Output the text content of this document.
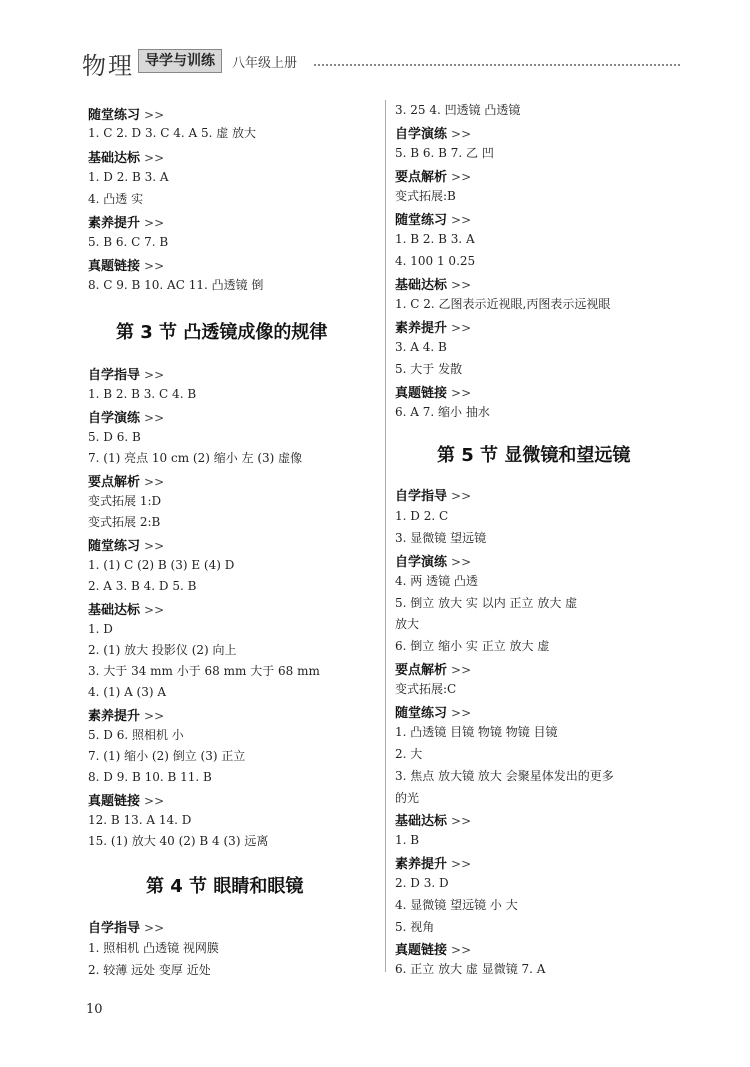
物理 导学与训练	八年级上册
随堂练习 >>
1. C 2. D 3. C 4. A 5. 虚 放大
基础达标 >>
1. D 2. B 3. A
4. 凸透 实
素养提升 >>
5. B 6. C 7. B
真题链接 >>
8. C 9. B 10. AC 11. 凸透镜 倒
第 3 节 凸透镜成像的规律
自学指导 >>
1. B 2. B 3. C 4. B
自学演练 >>
5. D 6. B
7. (1) 亮点 10 cm (2) 缩小 左 (3) 虚像
要点解析 >>
变式拓展 1:D
变式拓展 2:B
随堂练习 >>
1. (1) C (2) B (3) E (4) D
2. A 3. B 4. D 5. B
基础达标 >>
1. D
2. (1) 放大 投影仪 (2) 向上
3. 大于 34 mm 小于 68 mm 大于 68 mm
4. (1) A (3) A
素养提升 >>
5. D 6. 照相机 小
7. (1) 缩小 (2) 倒立 (3) 正立
8. D 9. B 10. B 11. B
真题链接 >>
12. B 13. A 14. D
15. (1) 放大 40 (2) B 4 (3) 远离
第 4 节 眼睛和眼镜
自学指导 >>
1. 照相机 凸透镜 视网膜
2. 较薄 远处 变厚 近处
3. 25 4. 凹透镜 凸透镜
自学演练 >>
5. B 6. B 7. 乙 凹
要点解析 >>
变式拓展:B
随堂练习 >>
1. B 2. B 3. A
4. 100 1 0.25
基础达标 >>
1. C 2. 乙图表示近视眼,丙图表示远视眼
素养提升 >>
3. A 4. B
5. 大于 发散
真题链接 >>
6. A 7. 缩小 抽水
第 5 节 显微镜和望远镜
自学指导 >>
1. D 2. C
3. 显微镜 望远镜
自学演练 >>
4. 两 透镜 凸透
5. 倒立 放大 实 以内 正立 放大 虚
放大
6. 倒立 缩小 实 正立 放大 虚
要点解析 >>
变式拓展:C
随堂练习 >>
1. 凸透镜 目镜 物镜 物镜 目镜
2. 大
3. 焦点 放大镜 放大 会聚星体发出的更多
的光
基础达标 >>
1. B
素养提升 >>
2. D 3. D
4. 显微镜 望远镜 小 大
5. 视角
真题链接 >>
6. 正立 放大 虚 显微镜 7. A
10
